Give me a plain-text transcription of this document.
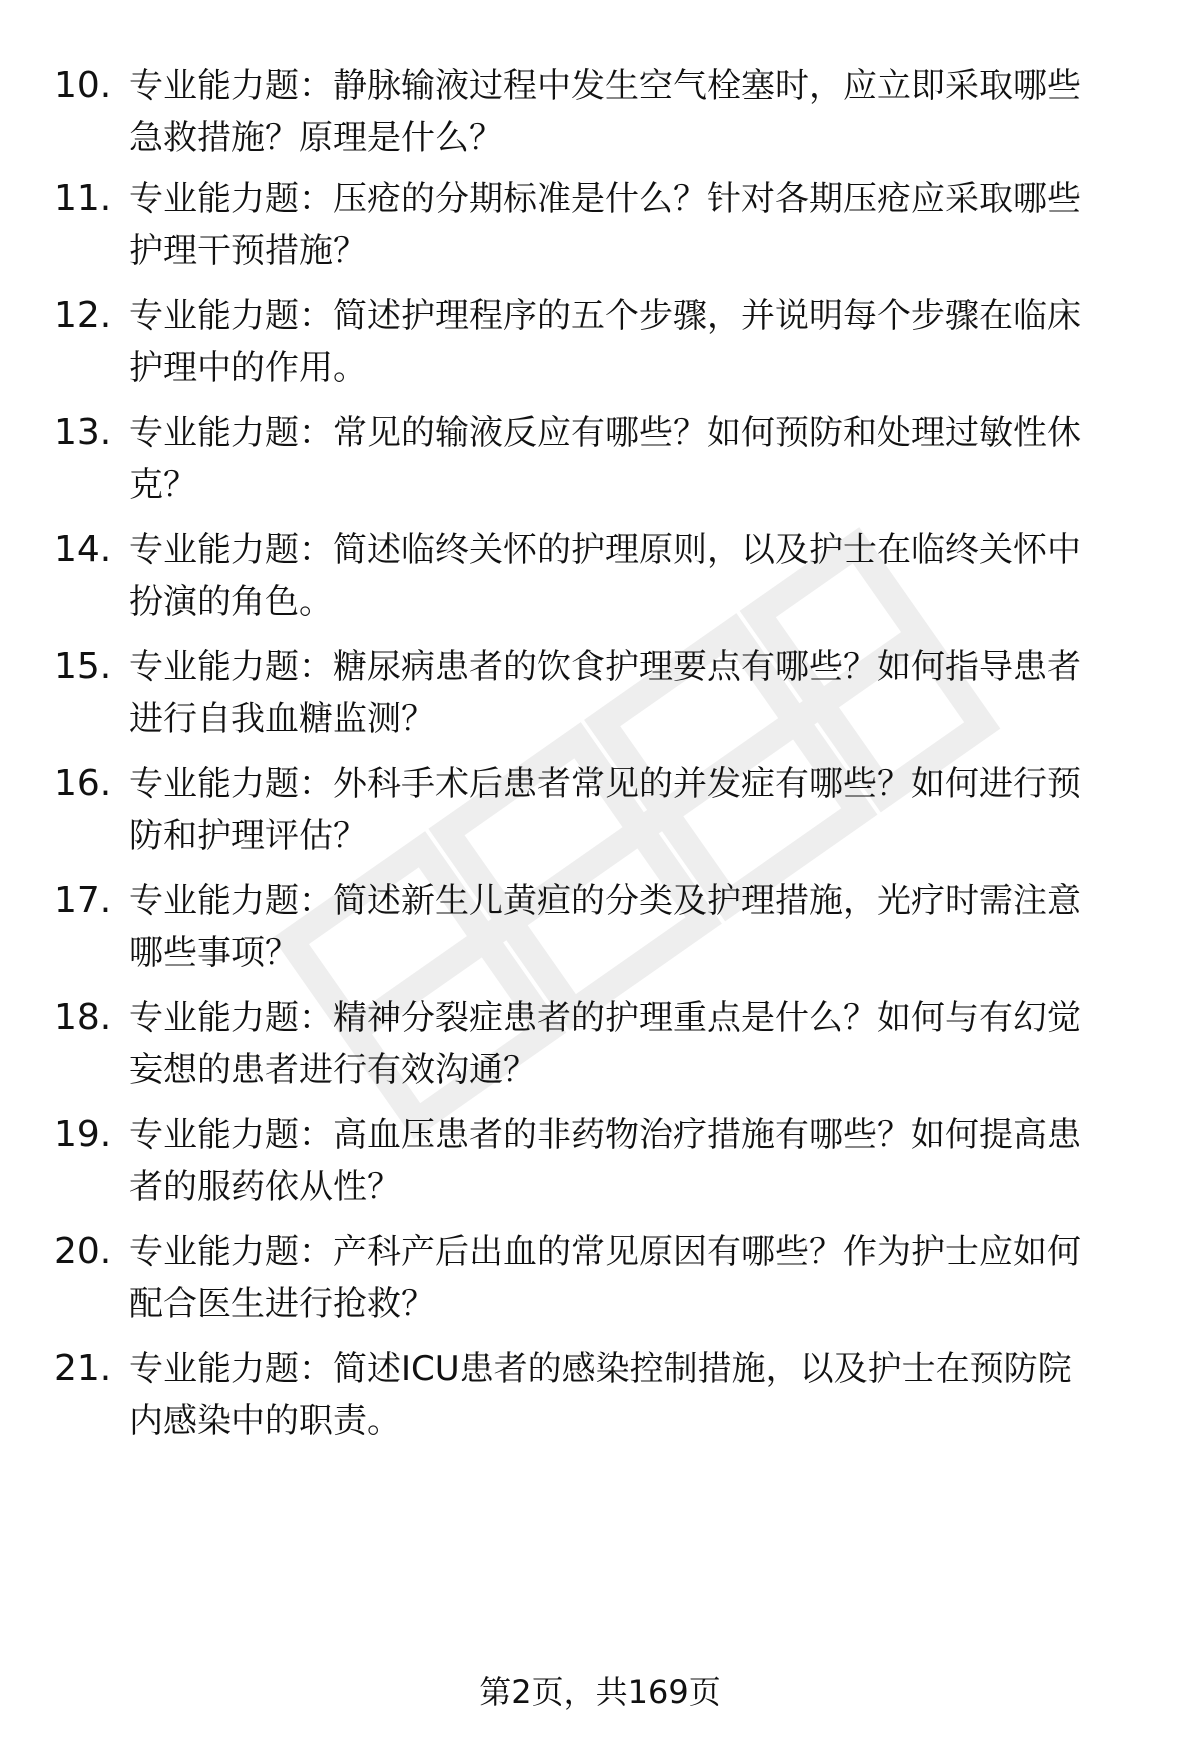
10. 专业能力题：静脉输液过程中发生空气栓塞时，应立即采取哪些
急救措施？原理是什么？
11. 专业能力题：压疮的分期标准是什么？针对各期压疮应采取哪些
护理干预措施？
12. 专业能力题：简述护理程序的五个步骤，并说明每个步骤在临床
护理中的作用。
13. 专业能力题：常见的输液反应有哪些？如何预防和处理过敏性休
克？
14. 专业能力题：简述临终关怀的护理原则，以及护士在临终关怀中
扮演的角色。
15. 专业能力题：糖尿病患者的饮食护理要点有哪些？如何指导患者
进行自我血糖监测？
16. 专业能力题：外科手术后患者常见的并发症有哪些？如何进行预
防和护理评估？
17. 专业能力题：简述新生儿黄疸的分类及护理措施，光疗时需注意
哪些事项？
18. 专业能力题：精神分裂症患者的护理重点是什么？如何与有幻觉
妄想的患者进行有效沟通？
19. 专业能力题：高血压患者的非药物治疗措施有哪些？如何提高患
者的服药依从性？
20. 专业能力题：产科产后出血的常见原因有哪些？作为护士应如何
配合医生进行抢救？
21. 专业能力题：简述ICU患者的感染控制措施，以及护士在预防院
内感染中的职责。
第2页，共169页
